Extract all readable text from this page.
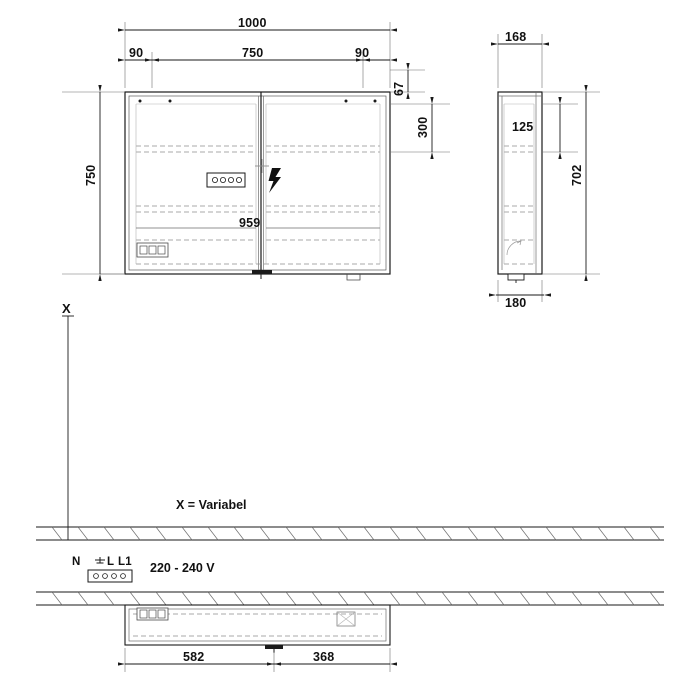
1000
90	750	90
67
300
750
959
168
125
702
180
X
X = Variabel
220 - 240 V
N L L1
582	368
